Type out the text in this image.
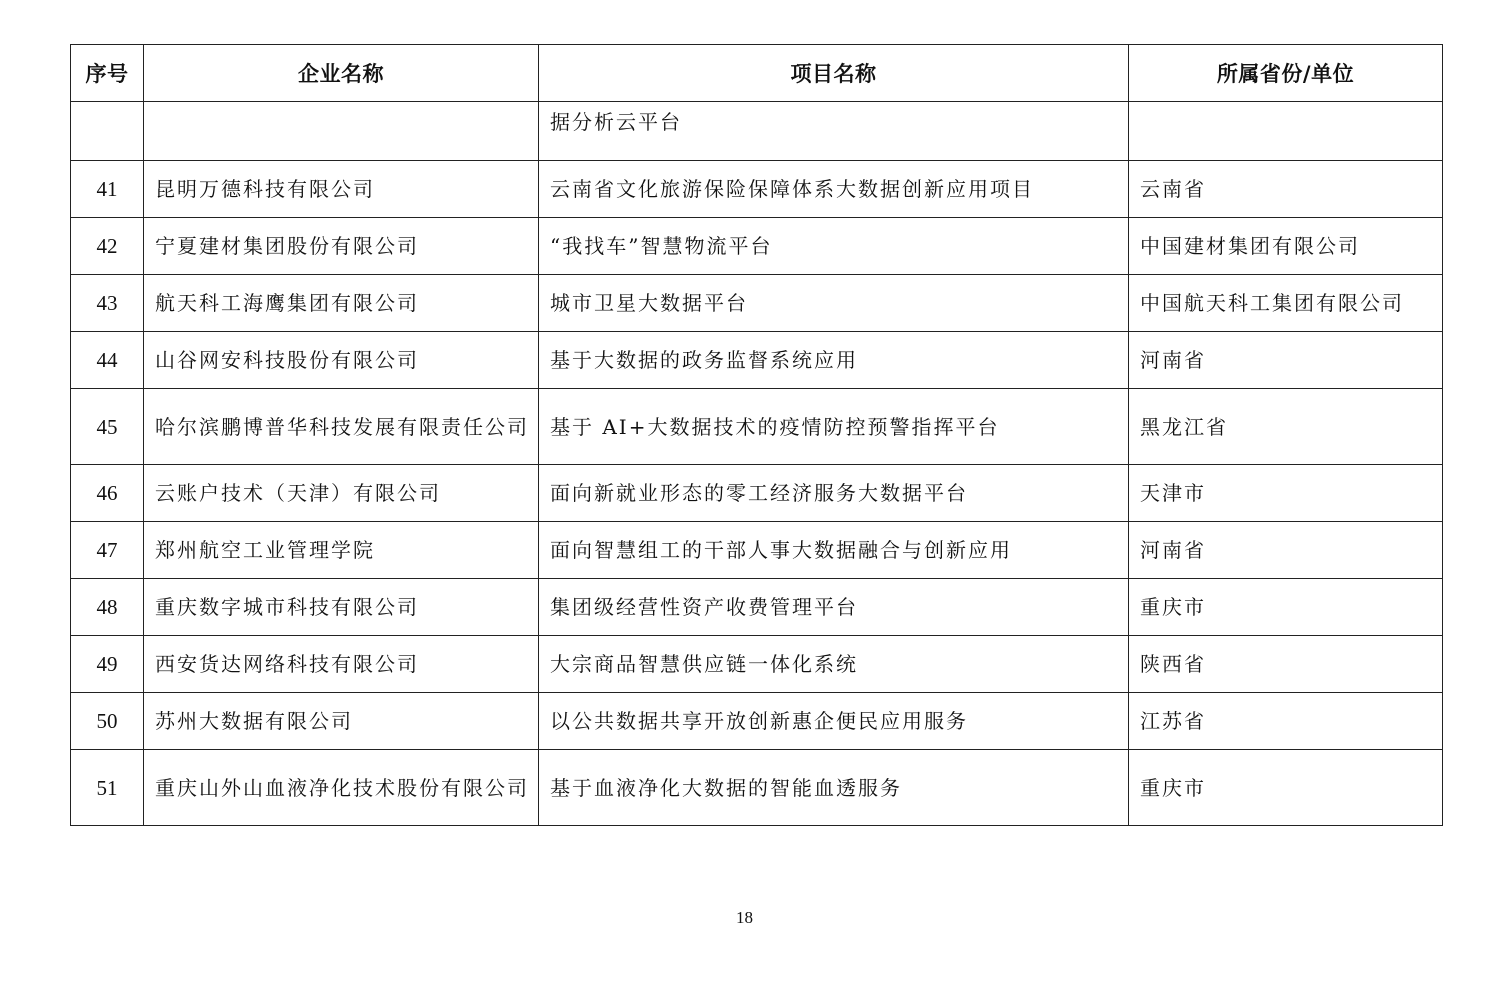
序号	企业名称	项目名称	所属省份/单位
		据分析云平台	
41	昆明万德科技有限公司	云南省文化旅游保险保障体系大数据创新应用项目	云南省
42	宁夏建材集团股份有限公司	“我找车”智慧物流平台	中国建材集团有限公司
43	航天科工海鹰集团有限公司	城市卫星大数据平台	中国航天科工集团有限公司
44	山谷网安科技股份有限公司	基于大数据的政务监督系统应用	河南省
45	哈尔滨鹏博普华科技发展有限责任公司	基于 AI+大数据技术的疫情防控预警指挥平台	黑龙江省
46	云账户技术（天津）有限公司	面向新就业形态的零工经济服务大数据平台	天津市
47	郑州航空工业管理学院	面向智慧组工的干部人事大数据融合与创新应用	河南省
48	重庆数字城市科技有限公司	集团级经营性资产收费管理平台	重庆市
49	西安货达网络科技有限公司	大宗商品智慧供应链一体化系统	陕西省
50	苏州大数据有限公司	以公共数据共享开放创新惠企便民应用服务	江苏省
51	重庆山外山血液净化技术股份有限公司	基于血液净化大数据的智能血透服务	重庆市
18
